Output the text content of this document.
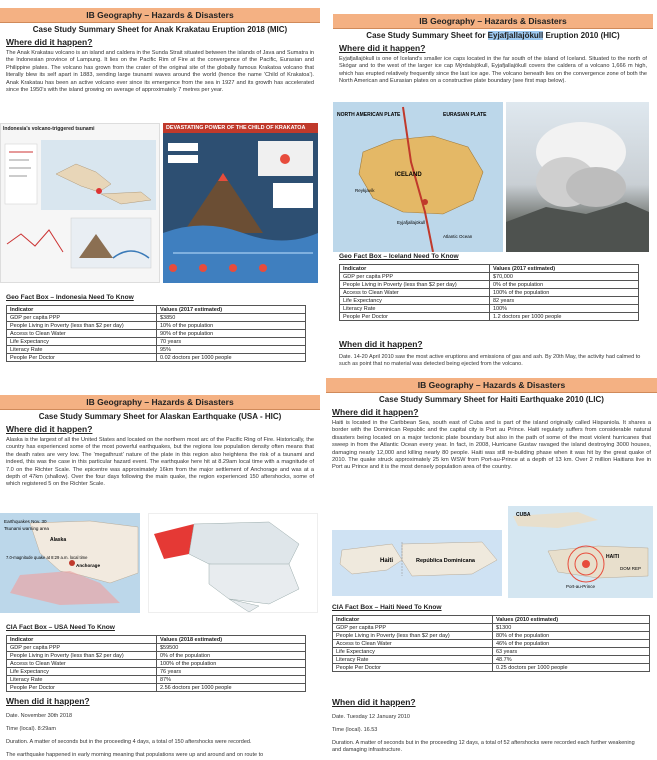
IB Geography – Hazards & Disasters
Case Study Summary Sheet for Anak Krakatau Eruption 2018 (MIC)
Where did it happen?
The Anak Krakatau volcano is an island and caldera in the Sunda Strait situated between the islands of Java and Sumatra in the Indonesian province of Lampung. It lies on the Pacific Rim of Fire at the convergence of the Pacific, Eurasian and Philippine plates. The volcano has grown from the crater of the original site of the globally famous Krakatoa volcano that literally blew its self apart in 1883, sending large tsunami waves around the world (hence the name 'Child of Krakatoa'). Anak Krakatau has been an active volcano ever since its emergence from the sea in 1927 and its growth has accelerated since the 1950's with the island growing on average of approximately 7 metres per year.
Indonesia's volcano-triggered tsunami	DEVASTATING POWER OF THE CHILD OF KRAKATOA
Geo Fact Box – Indonesia Need To Know
Indicator	Values (2017 estimated)
GDP per capita PPP	$3850
People Living in Poverty (less than $2 per day)	10% of the population
Access to Clean Water	90% of the population
Life Expectancy	70 years
Literacy Rate	95%
People Per Doctor	0.02 doctors per 1000 people
IB Geography – Hazards & Disasters
Case Study Summary Sheet for Eyjafjallajökull Eruption 2010 (HIC)
Where did it happen?
Eyjafjallajökull is one of Iceland's smaller ice caps located in the far south of the island of Iceland. Situated to the north of Skógar and to the west of the larger ice cap Mýrdalsjökull, Eyjafjallajökull covers the caldera of a volcano 1,666 m high, which has erupted relatively frequently since the last ice age. The volcano beneath lies on the convergence zone of both the North American and Eurasian plates on a constructive plate boundary (see first map below).
NORTH AMERICAN PLATE	EURASIAN PLATE
ICELAND
Reykjavík
Eyjafjallajökull
Atlantic Ocean
Geo Fact Box – Iceland Need To Know
Indicator	Values (2017 estimated)
GDP per capita PPP	$70,000
People Living in Poverty (less than $2 per day)	0% of the population
Access to Clean Water	100% of the population
Life Expectancy	82 years
Literacy Rate	100%
People Per Doctor	1.2 doctors per 1000 people
When did it happen?
Date. 14-20 April 2010 saw the most active eruptions and emissions of gas and ash. By 20th May, the activity had calmed to such as point that no material was detected being ejected from the volcano.
IB Geography – Hazards & Disasters
Case Study Summary Sheet for Alaskan Earthquake (USA - HIC)
Where did it happen?
Alaska is the largest of all the United States and located on the northern most arc of the Pacific Ring of Fire. Historically, the country has experienced some of the most powerful earthquakes, but the regions low population density often means that the death rates are very low. The 'megathrust' nature of the plate in this region also heightens the risk of a tsunami and indeed, this was the case in this particular hazard event. The earthquake here hit at 8.29am local time with a magnitude of 7.0 on the Richter Scale. The epicentre was approximately 16km from the major settlement of Anchorage and was at a depth of 47km (shallow). Over the four days following the main quake, the region experienced 150 aftershocks, some of which registered 5 on the Richter Scale.
Earthquakes Nov. 30
Tsunami warning area
Alaska
7.0-magnitude quake at 8:29 a.m. local time
Anchorage
CIA Fact Box – USA Need To Know
Indicator	Values (2018 estimated)
GDP per capita PPP	$59500
People Living in Poverty (less than $2 per day)	0% of the population
Access to Clean Water	100% of the population
Life Expectancy	76 years
Literacy Rate	87%
People Per Doctor	2.56 doctors per 1000 people
When did it happen?
Date. November 30th 2018
Time (local). 8:29am
Duration. A matter of seconds but in the proceeding 4 days, a total of 150 aftershocks were recorded.
The earthquake happened in early morning meaning that populations were up and around and on route to
IB Geography – Hazards & Disasters
Case Study Summary Sheet for Haiti Earthquake 2010 (LIC)
Where did it happen?
Haiti is located in the Caribbean Sea, south east of Cuba and is part of the island originally called Hispaniola. It shares a border with the Dominican Republic and the capital city is Port au Prince. Haiti regularly suffers from considerable natural disasters being located on a major tectonic plate boundary but also in the path of some of the most violent hurricanes that sweep in from the Atlantic Ocean every year. In fact, in 2008, Hurricane Gustav ravaged the island destroying 3000 houses, damaging nearly 12,000 and killing nearly 80 people. Haiti was still re-building phase when it was hit by the great quake of 2010. The quake struck approximately 25 km WSW from Port-au-Prince at a depth of 13 km. Over 2 million Haitians live in Port au Prince and it is the most densely population area of the country.
Haiti	República Dominicana
CUBA
HAITI
DOM REP
Port-au-Prince
CIA Fact Box – Haiti Need To Know
Indicator	Values (2010 estimated)
GDP per capita PPP	$1300
People Living in Poverty (less than $2 per day)	80% of the population
Access to Clean Water	46% of the population
Life Expectancy	63 years
Literacy Rate	48.7%
People Per Doctor	0.25 doctors per 1000 people
When did it happen?
Date. Tuesday 12 January 2010
Time (local). 16.53
Duration. A matter of seconds but in the proceeding 12 days, a total of 52 aftershocks were recorded each further weakening and damaging infrastructure.
